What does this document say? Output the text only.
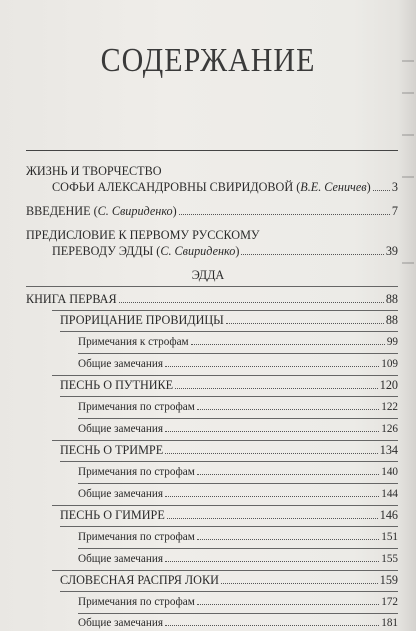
СОДЕРЖАНИЕ
ЖИЗНЬ И ТВОРЧЕСТВО
СОФЬИ АЛЕКСАНДРОВНЫ СВИРИДОВОЙ (В.Е. Сеничев) 3
ВВЕДЕНИЕ (С. Свириденко)	7
ПРЕДИСЛОВИЕ К ПЕРВОМУ РУССКОМУ
ПЕРЕВОДУ ЭДДЫ (С. Свириденко)	39
ЭДДА
КНИГА ПЕРВАЯ	88
ПРОРИЦАНИЕ ПРОВИДИЦЫ	88
Примечания к строфам	99
Общие замечания	109
ПЕСНЬ О ПУТНИКЕ	120
Примечания по строфам	122
Общие замечания	126
ПЕСНЬ О ТРИМРЕ	134
Примечания по строфам	140
Общие замечания	144
ПЕСНЬ О ГИМИРЕ	146
Примечания по строфам	151
Общие замечания	155
СЛОВЕСНАЯ РАСПРЯ ЛОКИ	159
Примечания по строфам	172
Общие замечания	181
